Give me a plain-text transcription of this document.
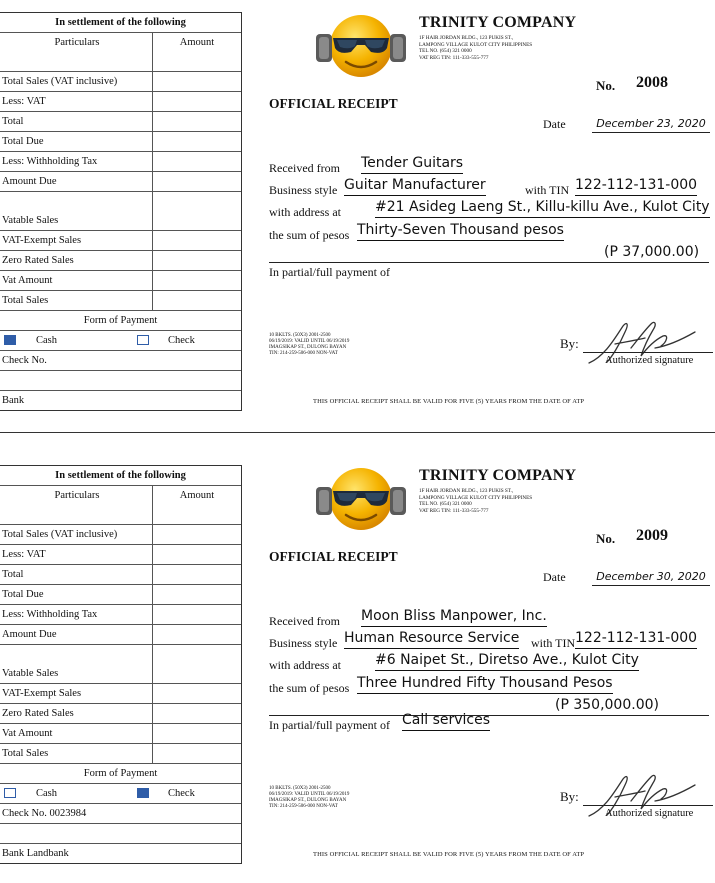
In settlement of the following
Particulars	Amount
Total Sales (VAT inclusive)
Less: VAT
Total
Total Due
Less: Withholding Tax
Amount Due
Vatable Sales
VAT-Exempt Sales
Zero Rated Sales
Vat Amount
Total Sales
Form of Payment
Cash	Check
Check No.
Bank
TRINITY COMPANY
1F HAIR JORDAN BLDG., 123 PUKIS ST.,
LAMPONG VILLAGE KULOT CITY PHILIPPINES
TEL NO. (654) 321 0000
VAT REG TIN: 111-333-555-777
OFFICIAL RECEIPT
No. 2008
Date	December 23, 2020
Received from Tender Guitars
Business style Guitar Manufacturer	with TIN 122-112-131-000
with address at #21 Asideg Laeng St., Killu-killu Ave., Kulot City
the sum of pesos Thirty-Seven Thousand pesos
(P 37,000.00)
In partial/full payment of
10 BKLTS. (50X3) 2001-2500
06/19/2019: VALID UNTIL 06/19/2019
IMAGSIKAP ST., DULONG BAYAN
TIN: 214-259-506-000 NON-VAT
By:
Authorized signature
THIS OFFICIAL RECEIPT SHALL BE VALID FOR FIVE (5) YEARS FROM THE DATE OF ATP
In settlement of the following
Particulars	Amount
Total Sales (VAT inclusive)
Less: VAT
Total
Total Due
Less: Withholding Tax
Amount Due
Vatable Sales
VAT-Exempt Sales
Zero Rated Sales
Vat Amount
Total Sales
Form of Payment
Cash	Check
Check No. 0023984
Bank Landbank
TRINITY COMPANY
1F HAIR JORDAN BLDG., 123 PUKIS ST.,
LAMPONG VILLAGE KULOT CITY PHILIPPINES
TEL NO. (654) 321 0000
VAT REG TIN: 111-333-555-777
OFFICIAL RECEIPT
No. 2009
Date	December 30, 2020
Received from Moon Bliss Manpower, Inc.
Business style Human Resource Service with TIN 122-112-131-000
with address at #6 Naipet St., Diretso Ave., Kulot City
the sum of pesos Three Hundred Fifty Thousand Pesos
(P 350,000.00)
In partial/full payment of Call services
10 BKLTS. (50X3) 2001-2500
06/19/2019: VALID UNTIL 06/19/2019
IMAGSIKAP ST., DULONG BAYAN
TIN: 214-259-506-000 NON-VAT
By:
Authorized signature
THIS OFFICIAL RECEIPT SHALL BE VALID FOR FIVE (5) YEARS FROM THE DATE OF ATP
